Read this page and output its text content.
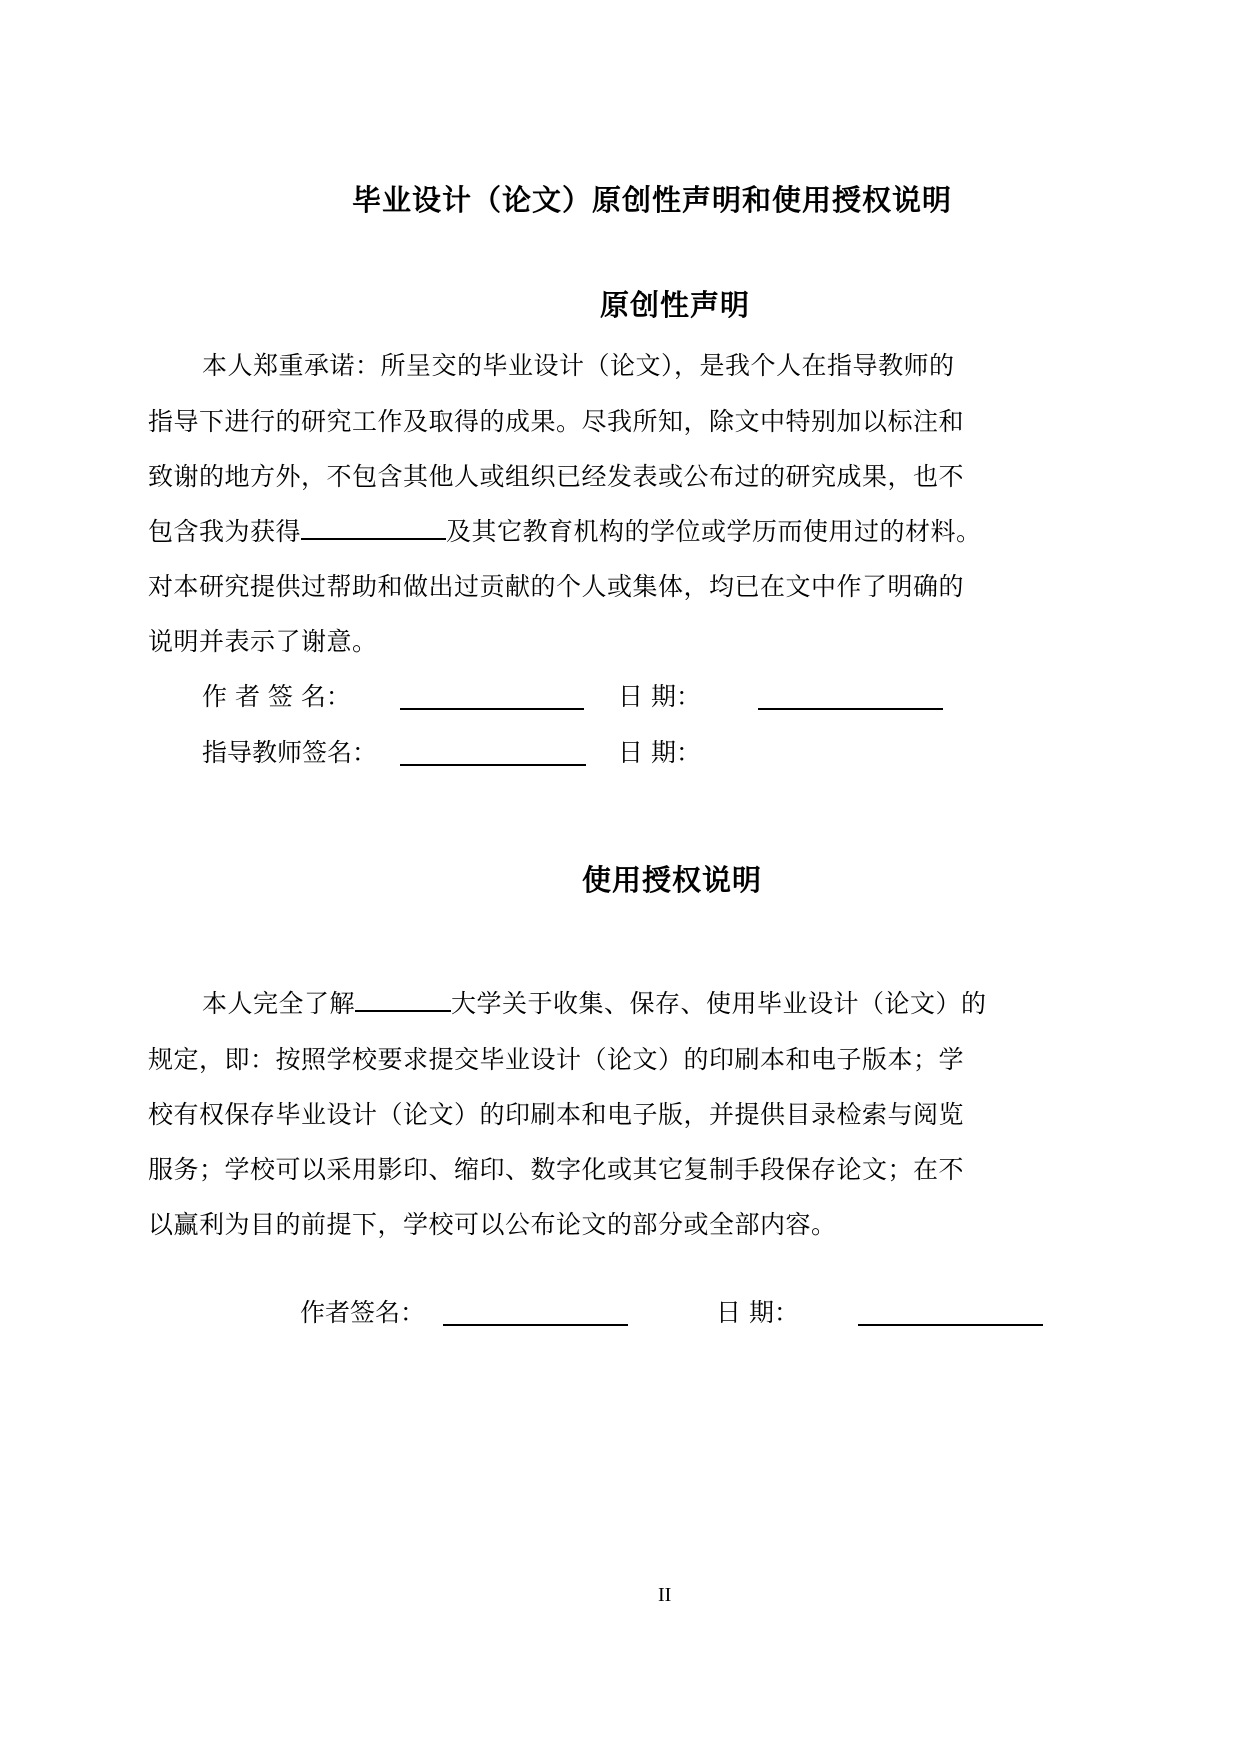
毕业设计（论文）原创性声明和使用授权说明
原创性声明
本人郑重承诺：所呈交的毕业设计（论文），是我个人在指导教师的
指导下进行的研究工作及取得的成果。尽我所知，除文中特别加以标注和
致谢的地方外，不包含其他人或组织已经发表或公布过的研究成果，也不
包含我为获得	及其它教育机构的学位或学历而使用过的材料。
对本研究提供过帮助和做出过贡献的个人或集体，均已在文中作了明确的
说明并表示了谢意。
作 者 签 名：	日 期：
指导教师签名：	日 期：
使用授权说明
本人完全了解	大学关于收集、保存、使用毕业设计（论文）的
规定，即：按照学校要求提交毕业设计（论文）的印刷本和电子版本；学
校有权保存毕业设计（论文）的印刷本和电子版，并提供目录检索与阅览
服务；学校可以采用影印、缩印、数字化或其它复制手段保存论文；在不
以赢利为目的前提下，学校可以公布论文的部分或全部内容。
作者签名：	日 期：
II
